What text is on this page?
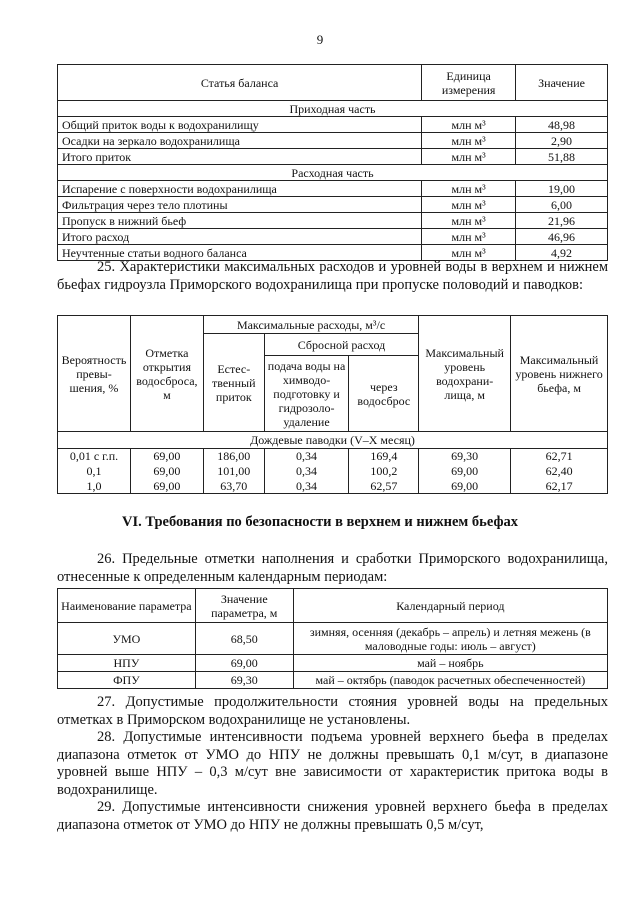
9
Статья баланса	Единица измерения	Значение
Приходная часть		
Общий приток воды к водохранилищу	млн м³	48,98
Осадки на зеркало водохранилища	млн м³	2,90
Итого приток	млн м³	51,88
Расходная часть		
Испарение с поверхности водохранилища	млн м³	19,00
Фильтрация через тело плотины	млн м³	6,00
Пропуск в нижний бьеф	млн м³	21,96
Итого расход	млн м³	46,96
Неучтенные статьи водного баланса	млн м³	4,92

25. Характеристики максимальных расходов и уровней воды в верхнем и нижнем бьефах гидроузла Приморского водохранилища при пропуске половодий и паводков:

Вероятность превы-шения, %	Отметка открытия водосброса, м	Максимальные расходы, м³/с			Максимальный уровень водохрани-лища, м	Максимальный уровень нижнего бьефа, м
		Естес-твенный приток	Сбросной расход			
			подача воды на химводо-подготовку и гидрозоло-удаление	через водосброс		
Дождевые паводки (V–X месяц)						
0,01 с г.п.	69,00	186,00	0,34	169,4	69,30	62,71
0,1	69,00	101,00	0,34	100,2	69,00	62,40
1,0	69,00	63,70	0,34	62,57	69,00	62,17
VI. Требования по безопасности в верхнем и нижнем бьефах

26. Предельные отметки наполнения и сработки Приморского водохранилища, отнесенные к определенным календарным периодам:

Наименование параметра	Значение параметра, м	Календарный период
УМО	68,50	зимняя, осенняя (декабрь – апрель) и летняя межень (в маловодные годы: июль – август)
НПУ	69,00	май – ноябрь
ФПУ	69,30	май – октябрь (паводок расчетных обеспеченностей)

27. Допустимые продолжительности стояния уровней воды на предельных отметках в Приморском водохранилище не установлены.

28. Допустимые интенсивности подъема уровней верхнего бьефа в пределах диапазона отметок от УМО до НПУ не должны превышать 0,1 м/сут, в диапазоне уровней выше НПУ – 0,3 м/сут вне зависимости от характеристик притока воды в водохранилище.

29. Допустимые интенсивности снижения уровней верхнего бьефа в пределах диапазона отметок от УМО до НПУ не должны превышать 0,5 м/сут,
